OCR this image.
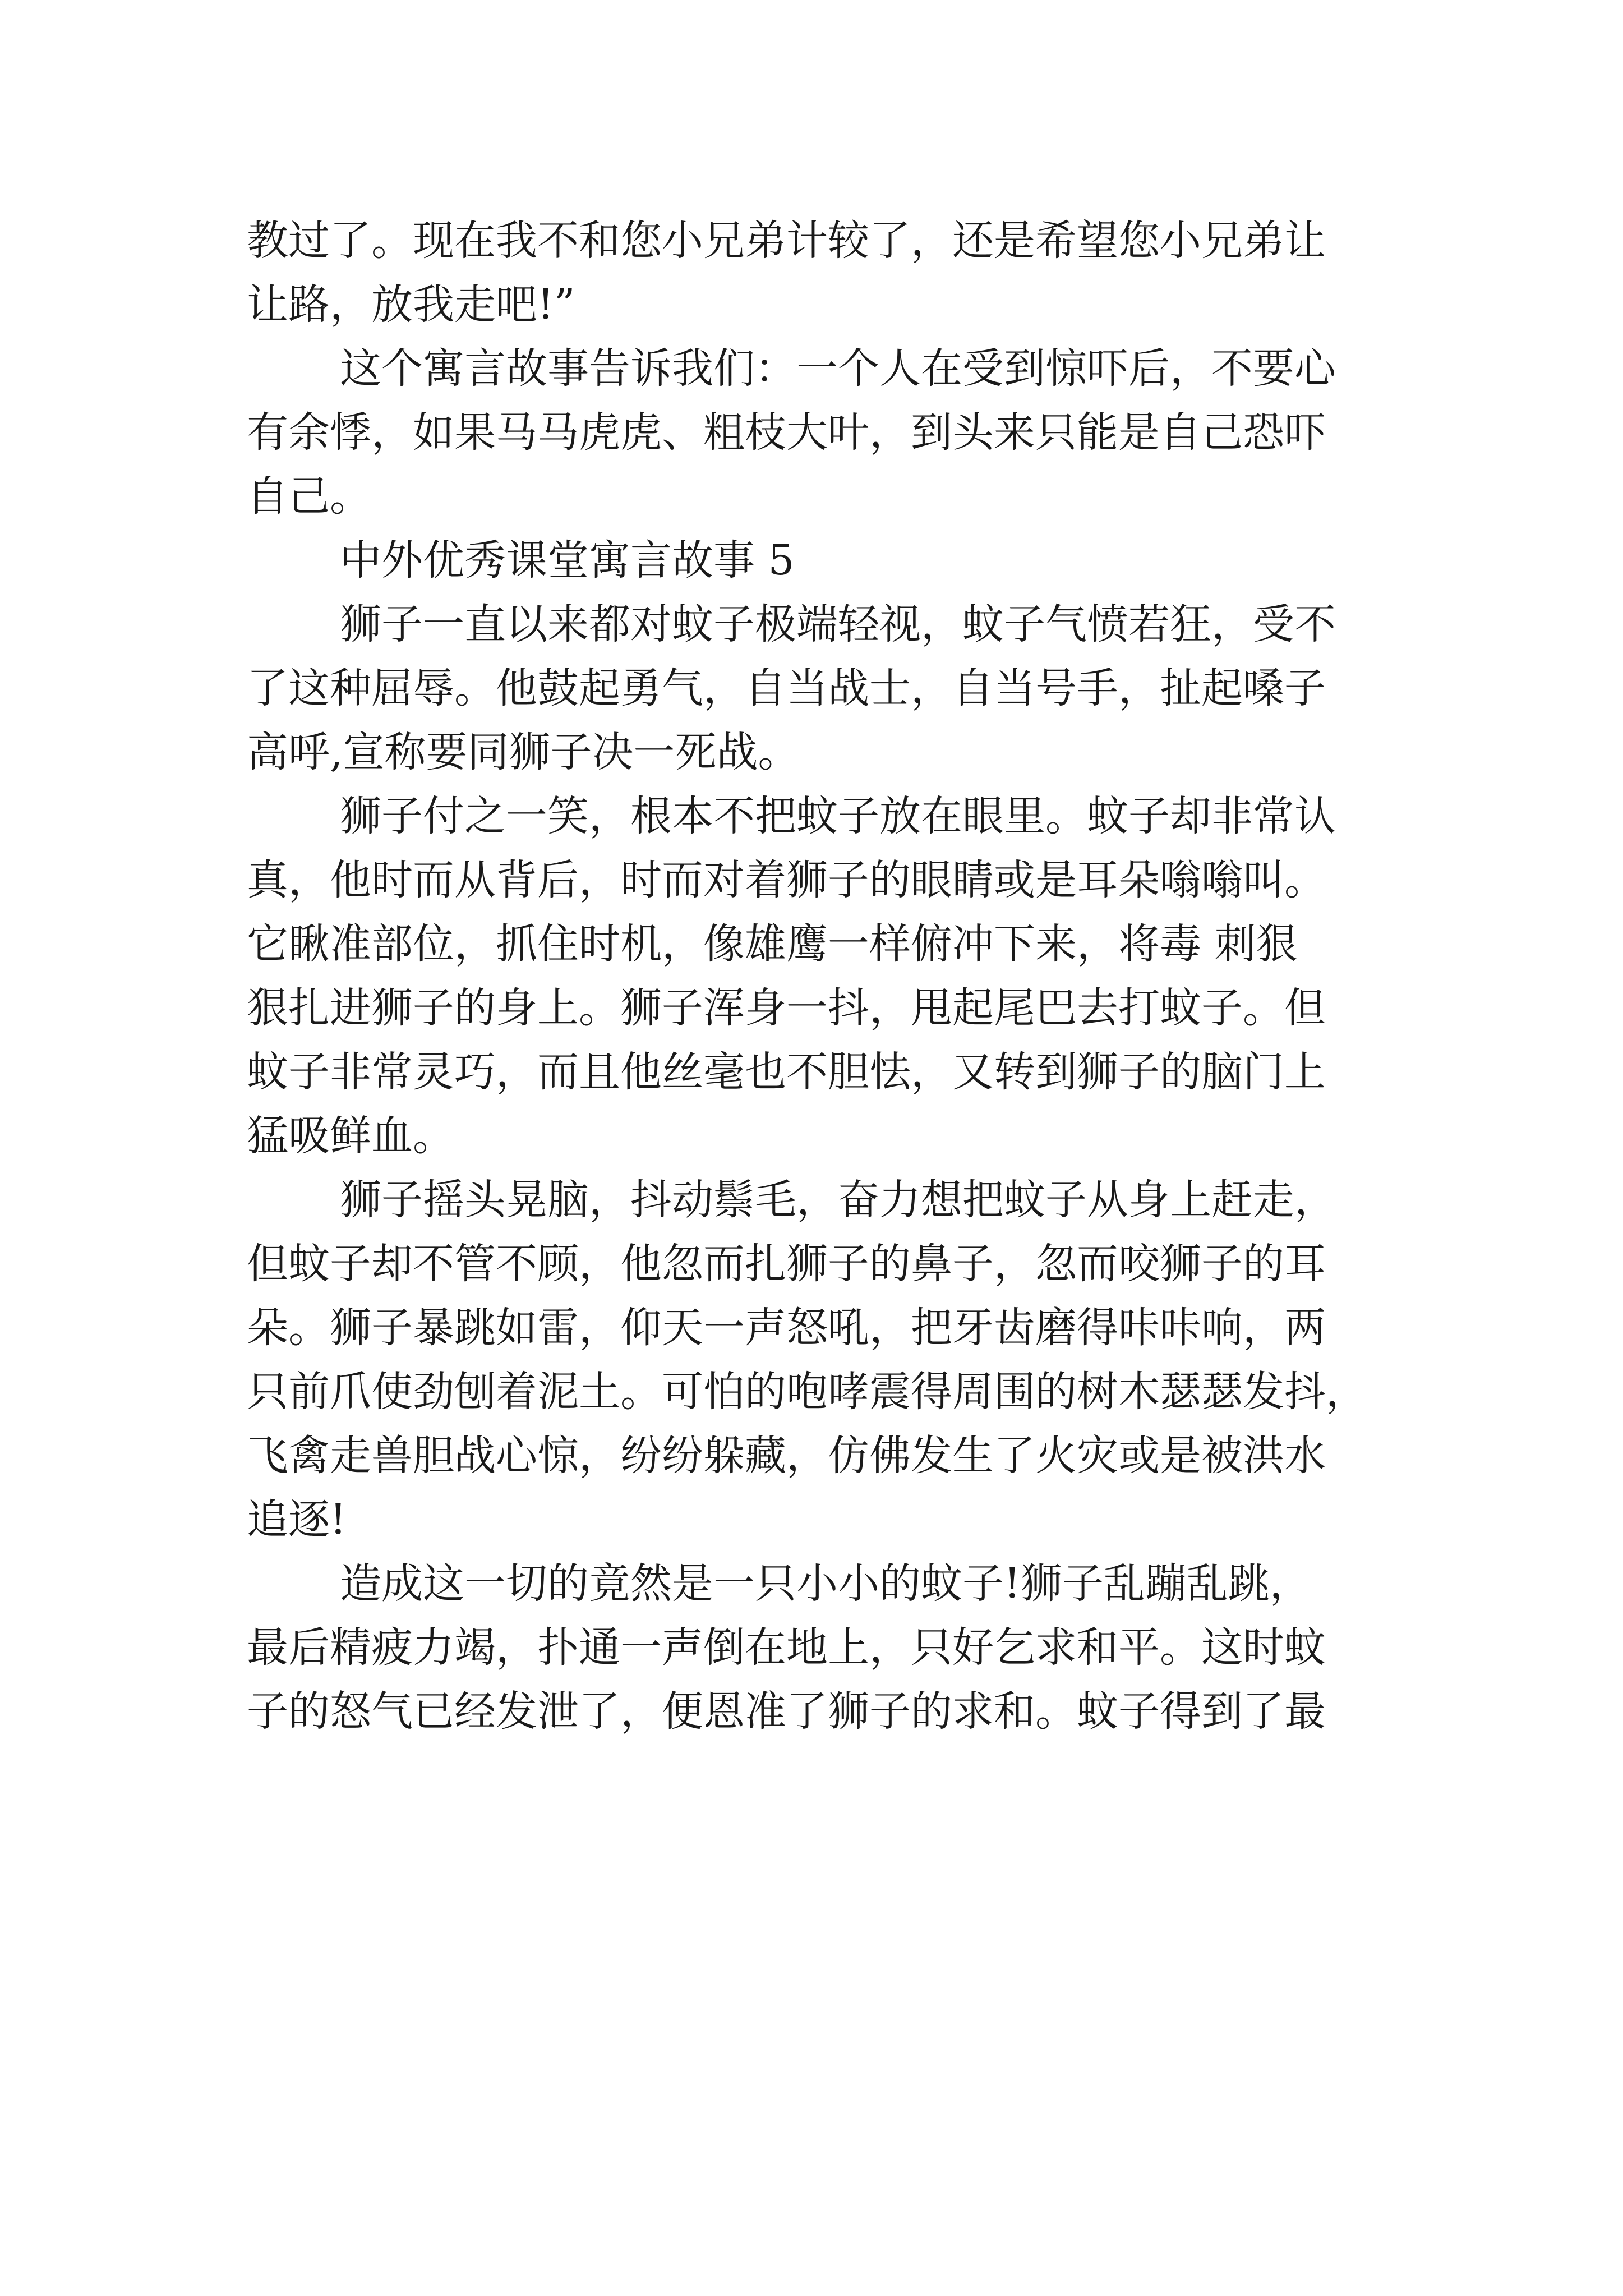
教过了。现在我不和您小兄弟计较了，还是希望您小兄弟让
让路，放我走吧!”
这个寓言故事告诉我们：一个人在受到惊吓后，不要心
有余悸，如果马马虎虎、粗枝大叶，到头来只能是自己恐吓
自己。
中外优秀课堂寓言故事 5
狮子一直以来都对蚊子极端轻视，蚊子气愤若狂，受不
了这种屈辱。他鼓起勇气，自当战士，自当号手，扯起嗓子
高呼,宣称要同狮子决一死战。
狮子付之一笑，根本不把蚊子放在眼里。蚊子却非常认
真，他时而从背后，时而对着狮子的眼睛或是耳朵嗡嗡叫。
它瞅准部位，抓住时机，像雄鹰一样俯冲下来，将毒 刺狠
狠扎进狮子的身上。狮子浑身一抖，甩起尾巴去打蚊子。但
蚊子非常灵巧，而且他丝毫也不胆怯，又转到狮子的脑门上
猛吸鲜血。
狮子摇头晃脑，抖动鬃毛，奋力想把蚊子从身上赶走，
但蚊子却不管不顾，他忽而扎狮子的鼻子，忽而咬狮子的耳
朵。狮子暴跳如雷，仰天一声怒吼，把牙齿磨得咔咔响，两
只前爪使劲刨着泥土。可怕的咆哮震得周围的树木瑟瑟发抖，
飞禽走兽胆战心惊，纷纷躲藏，仿佛发生了火灾或是被洪水
追逐!
造成这一切的竟然是一只小小的蚊子!狮子乱蹦乱跳，
最后精疲力竭，扑通一声倒在地上，只好乞求和平。这时蚊
子的怒气已经发泄了，便恩准了狮子的求和。蚊子得到了最
